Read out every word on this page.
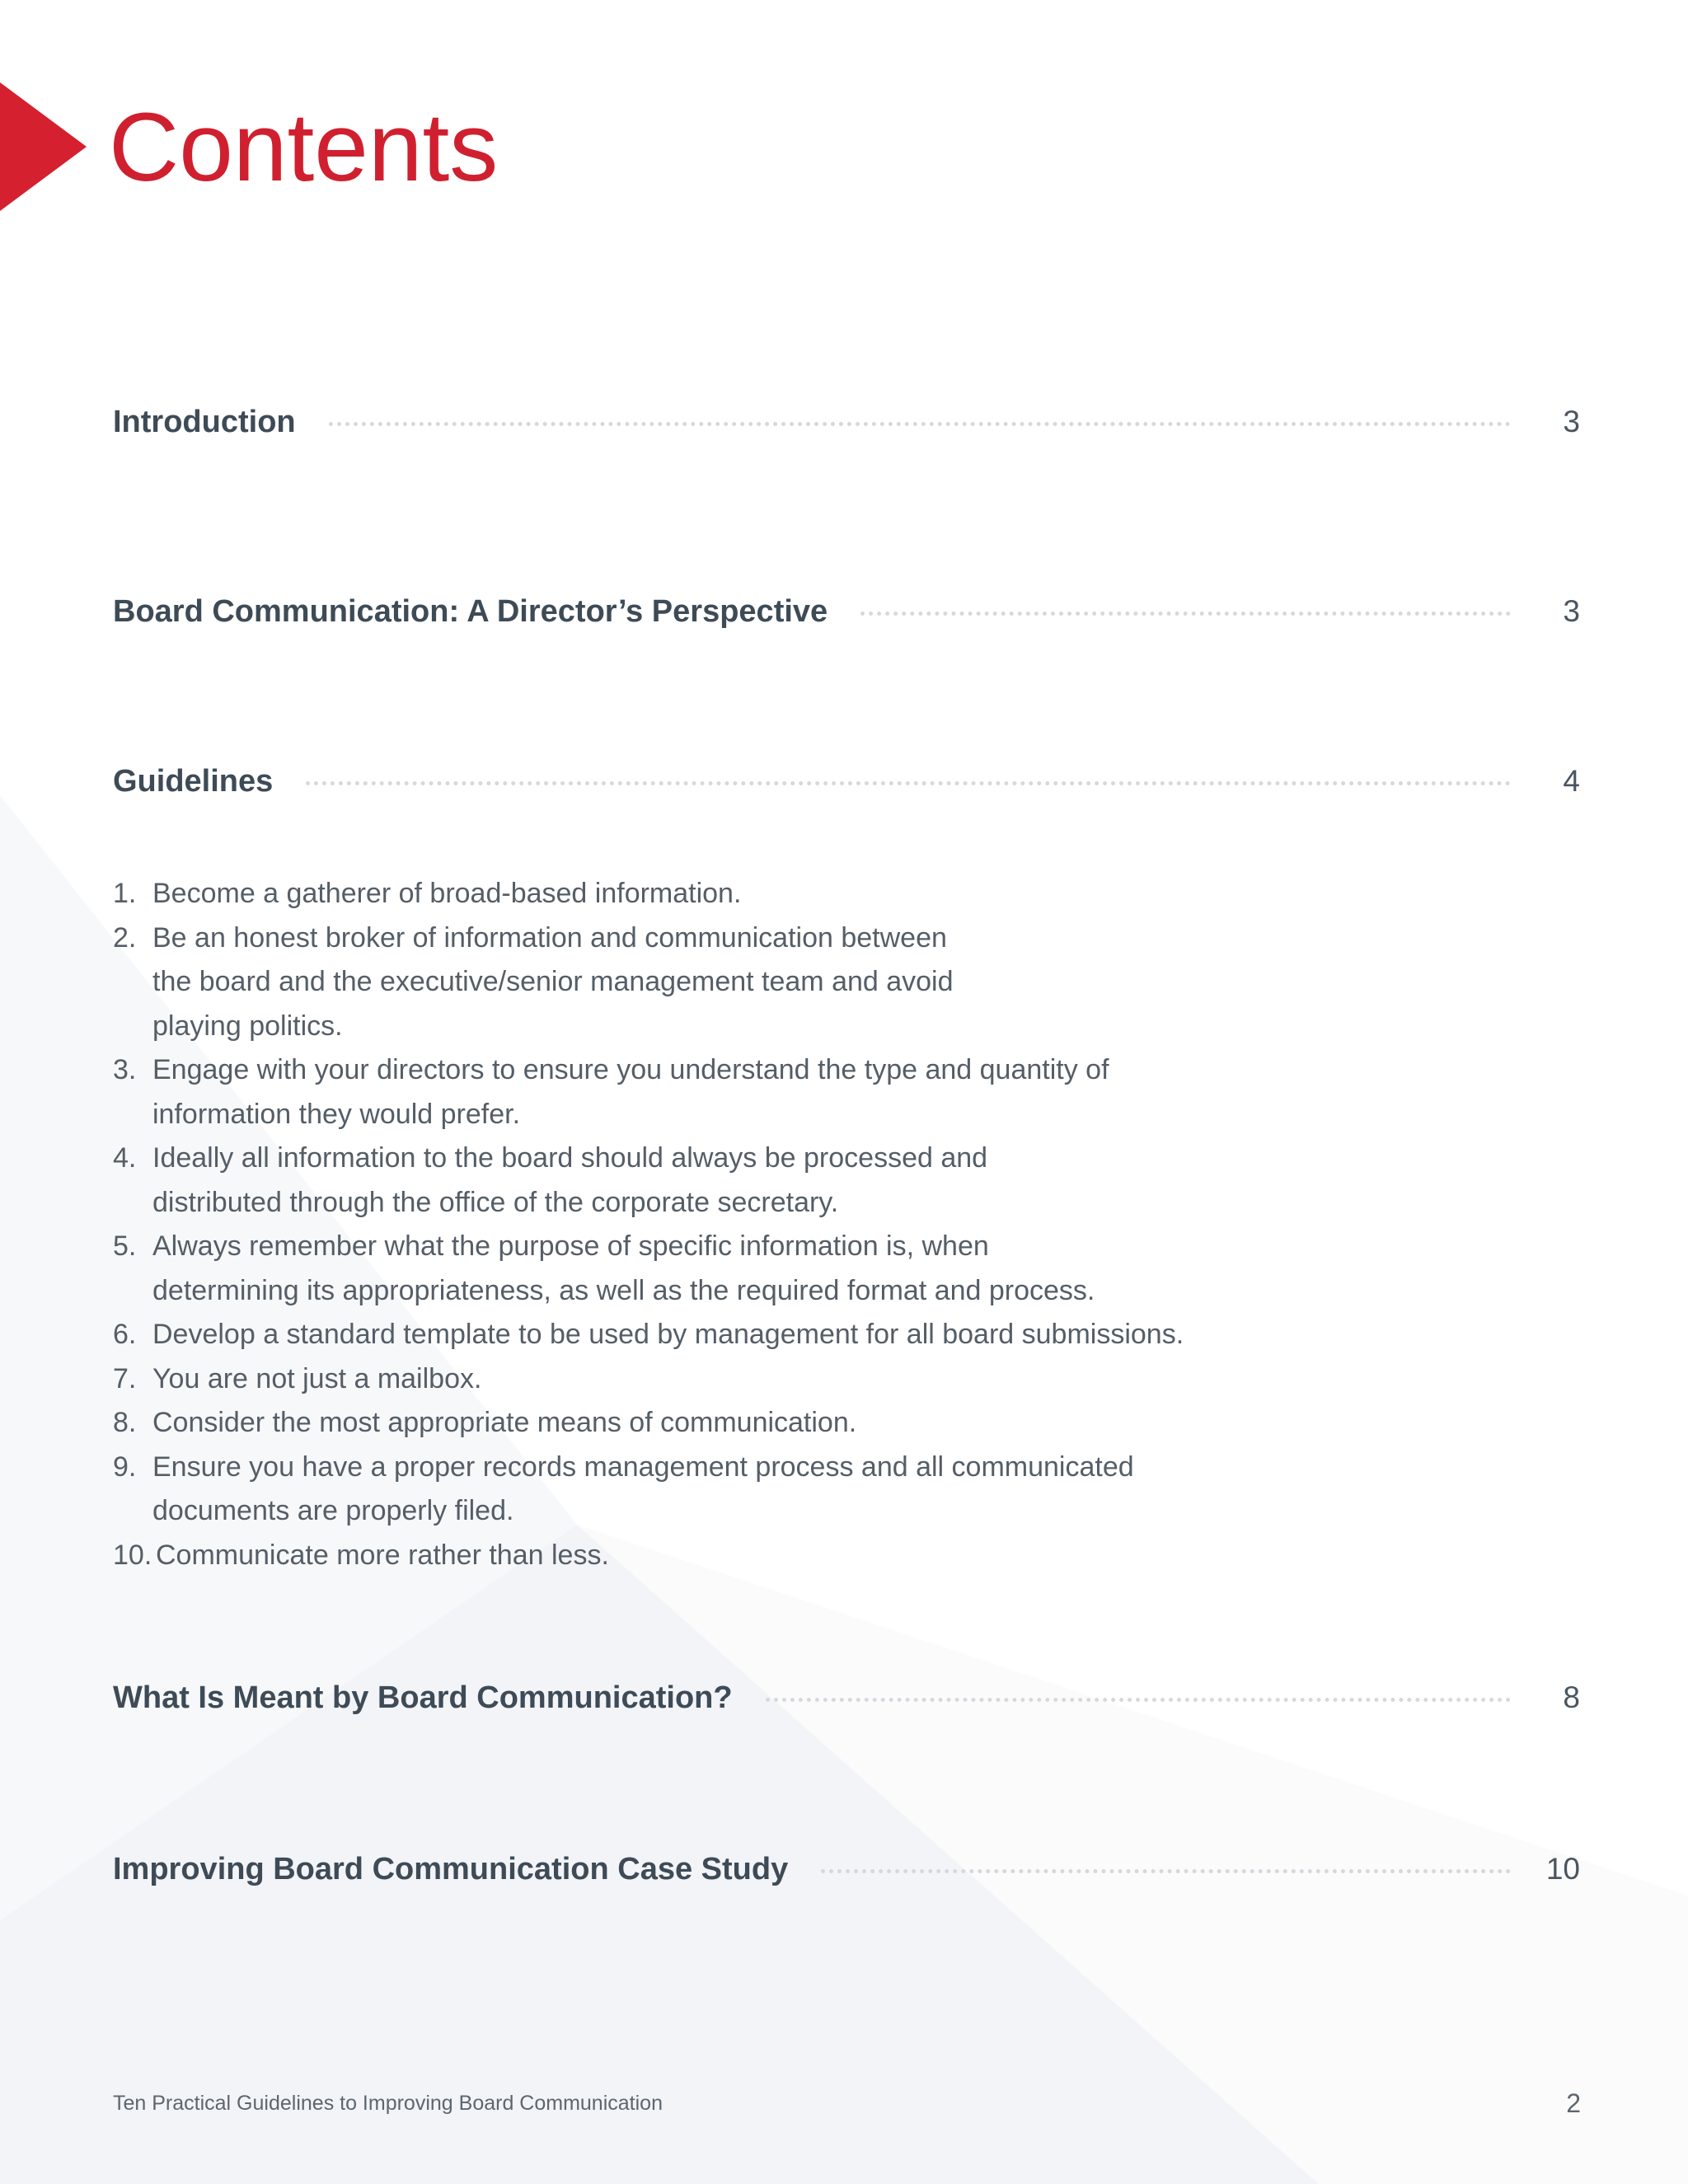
Contents
Introduction	3
Board Communication: A Director’s Perspective	3
Guidelines	4
1. Become a gatherer of broad-based information.
2. Be an honest broker of information and communication between the board and the executive/senior management team and avoid playing politics.
3. Engage with your directors to ensure you understand the type and quantity of information they would prefer.
4. Ideally all information to the board should always be processed and distributed through the office of the corporate secretary.
5. Always remember what the purpose of specific information is, when determining its appropriateness, as well as the required format and process.
6. Develop a standard template to be used by management for all board submissions.
7. You are not just a mailbox.
8. Consider the most appropriate means of communication.
9. Ensure you have a proper records management process and all communicated documents are properly filed.
10. Communicate more rather than less.
What Is Meant by Board Communication?	8
Improving Board Communication Case Study	10
Ten Practical Guidelines to Improving Board Communication	2
